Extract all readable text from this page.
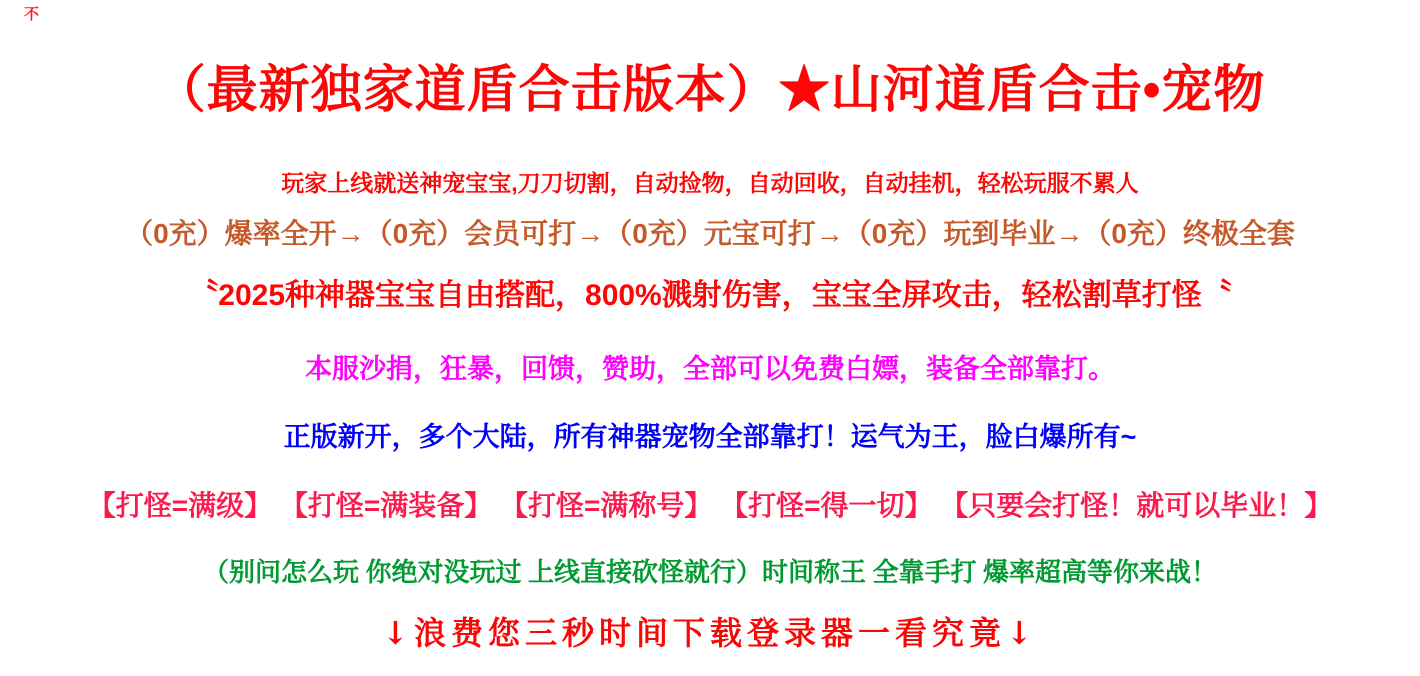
不
（最新独家道盾合击版本）★山河道盾合击•宠物
玩家上线就送神宠宝宝,刀刀切割，自动捡物，自动回收，自动挂机，轻松玩服不累人
（0充）爆率全开→（0充）会员可打→（0充）元宝可打→（0充）玩到毕业→（0充）终极全套
〝2025种神器宝宝自由搭配，800%溅射伤害，宝宝全屏攻击，轻松割草打怪〝
本服沙捐，狂暴，回馈，赞助，全部可以免费白嫖，装备全部靠打。
正版新开，多个大陆，所有神器宠物全部靠打！运气为王，脸白爆所有~
【打怪=满级】 【打怪=满装备】 【打怪=满称号】 【打怪=得一切】 【只要会打怪！就可以毕业！】
（别问怎么玩 你绝对没玩过 上线直接砍怪就行）时间称王 全靠手打 爆率超高等你来战！
↓浪费您三秒时间下载登录器一看究竟↓
